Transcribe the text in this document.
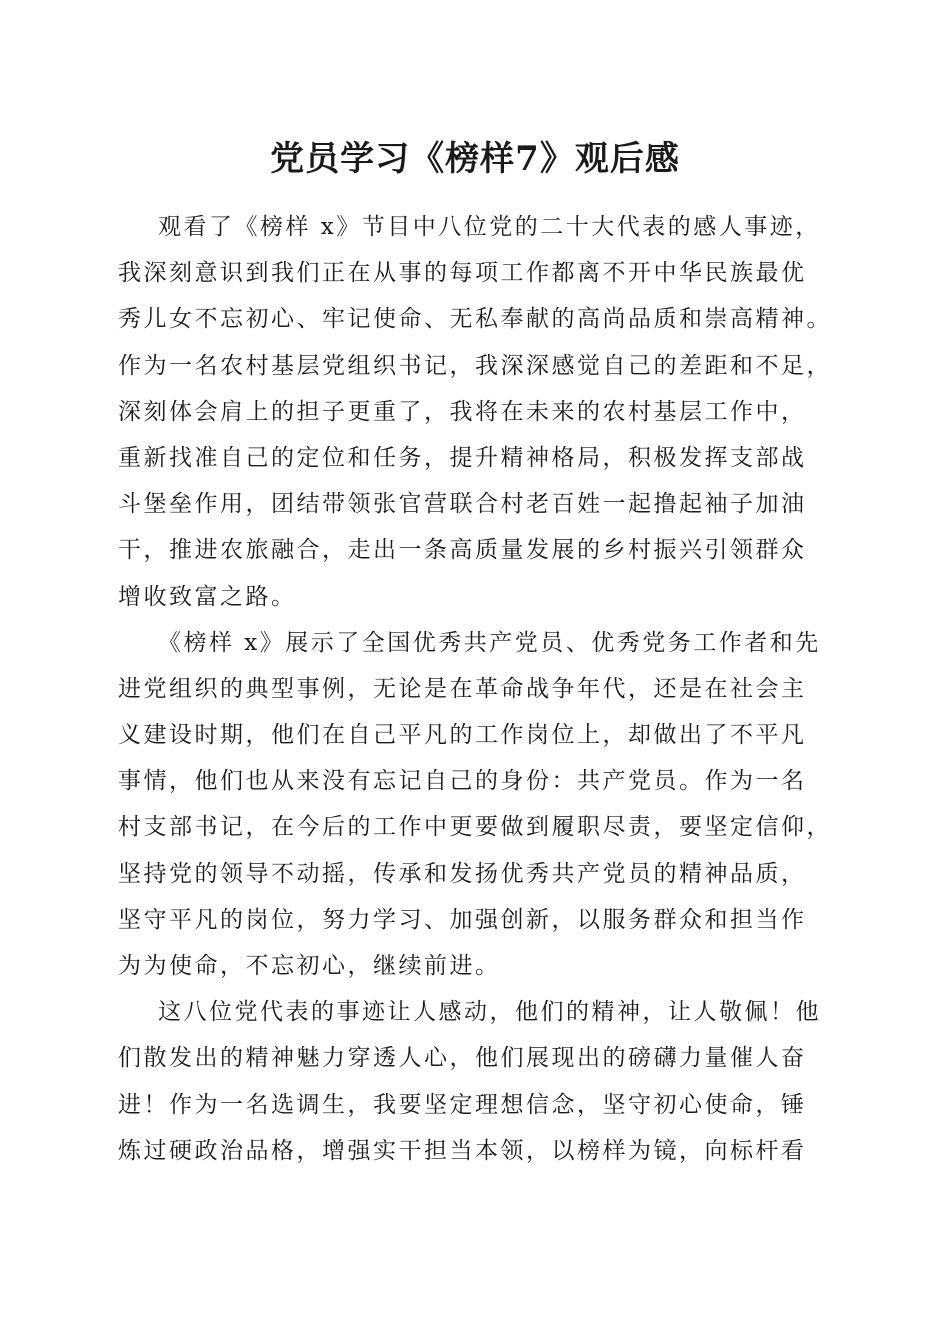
党员学习《榜样7》观后感

观看了《榜样 x》节目中八位党的二十大代表的感人事迹，
我深刻意识到我们正在从事的每项工作都离不开中华民族最优
秀儿女不忘初心、牢记使命、无私奉献的高尚品质和崇高精神。
作为一名农村基层党组织书记，我深深感觉自己的差距和不足，
深刻体会肩上的担子更重了，我将在未来的农村基层工作中，
重新找准自己的定位和任务，提升精神格局，积极发挥支部战
斗堡垒作用，团结带领张官营联合村老百姓一起撸起袖子加油
干，推进农旅融合，走出一条高质量发展的乡村振兴引领群众
增收致富之路。

《榜样 x》展示了全国优秀共产党员、优秀党务工作者和先
进党组织的典型事例，无论是在革命战争年代，还是在社会主
义建设时期，他们在自己平凡的工作岗位上，却做出了不平凡
事情，他们也从来没有忘记自己的身份：共产党员。作为一名
村支部书记，在今后的工作中更要做到履职尽责，要坚定信仰，
坚持党的领导不动摇，传承和发扬优秀共产党员的精神品质，
坚守平凡的岗位，努力学习、加强创新，以服务群众和担当作
为为使命，不忘初心，继续前进。

这八位党代表的事迹让人感动，他们的精神，让人敬佩！他
们散发出的精神魅力穿透人心，他们展现出的磅礴力量催人奋
进！作为一名选调生，我要坚定理想信念，坚守初心使命，锤
炼过硬政治品格，增强实干担当本领，以榜样为镜，向标杆看
